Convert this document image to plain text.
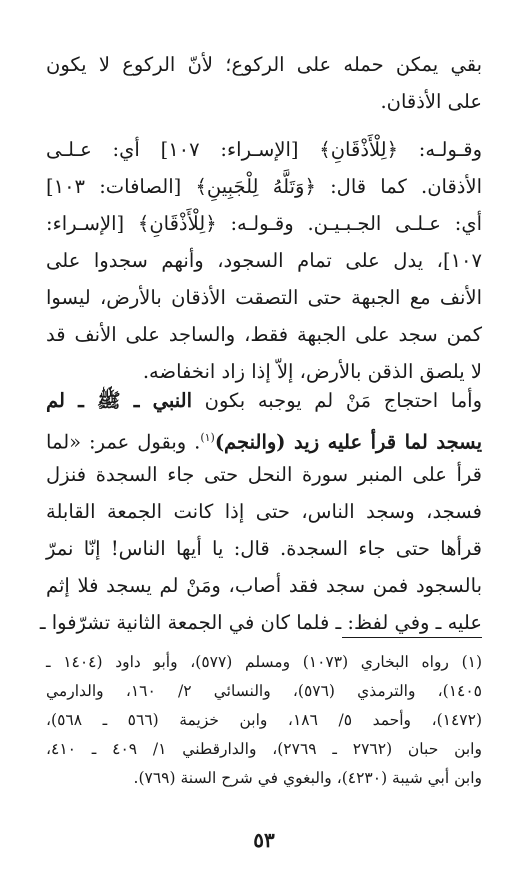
بقي يمكن حمله على الركوع؛ لأنّ الركوع لا يكون
على الأذقان.
وقـولـه: ﴿لِلْأَذْقَانِ﴾ [الإسـراء: ١٠٧] أي: عـلـى
الأذقان. كما قال: ﴿وَتَلَّهُ لِلْجَبِينِ﴾ [الصافات: ١٠٣]
أي: عـلـى الجـبـيـن. وقـولـه: ﴿لِلْأَذْقَانِ﴾ [الإسـراء:
١٠٧]، يدل على تمام السجود، وأنهم سجدوا على
الأنف مع الجبهة حتى التصقت الأذقان بالأرض، ليسوا
كمن سجد على الجبهة فقط، والساجد على الأنف قد
لا يلصق الذقن بالأرض، إلاّ إذا زاد انخفاضه.
وأما احتجاج مَنْ لم يوجبه بكون النبي ـ ﷺ ـ لم
يسجد لما قرأ عليه زيد (والنجم)$^{(١)}$. وبقول عمر: «لما
قرأ على المنبر سورة النحل حتى جاء السجدة فنزل
فسجد، وسجد الناس، حتى إذا كانت الجمعة القابلة
قرأها حتى جاء السجدة. قال: يا أيها الناس! إنّا نمرّ
بالسجود فمن سجد فقد أصاب، ومَنْ لم يسجد فلا إثم
عليه ـ وفي لفظ: ـ فلما كان في الجمعة الثانية تشرّفوا ـ
(١) رواه البخاري (١٠٧٣) ومسلم (٥٧٧)، وأبو داود (١٤٠٤ ـ
١٤٠٥)، والترمذي (٥٧٦)، والنسائي ٢/ ١٦٠، والدارمي
(١٤٧٢)، وأحمد ٥/ ١٨٦، وابن خزيمة (٥٦٦ ـ ٥٦٨)،
وابن حبان (٢٧٦٢ ـ ٢٧٦٩)، والدارقطني ١/ ٤٠٩ ـ ٤١٠،
وابن أبي شيبة (٤٢٣٠)، والبغوي في شرح السنة (٧٦٩).
٥٣
